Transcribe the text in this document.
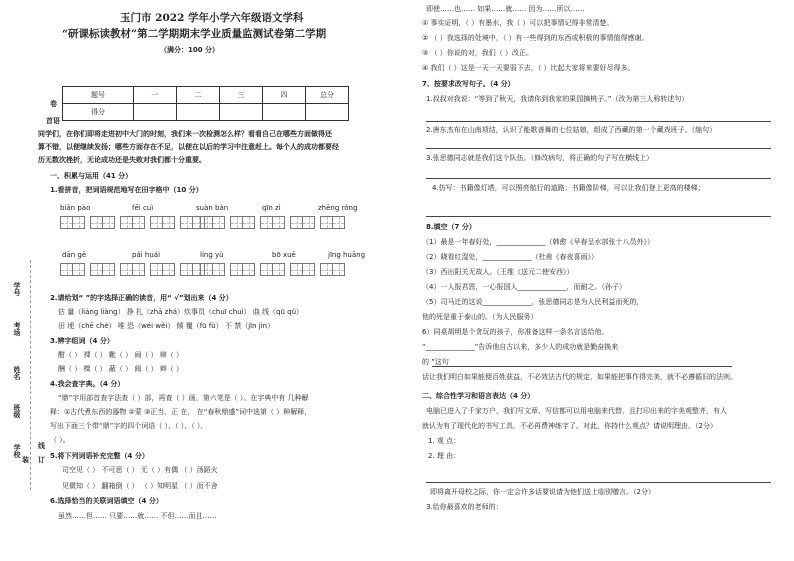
玉门市 2022 学年小学六年级语文学科
“研课标读教材”第二学期期末学业质量监测试卷第二学期
（满分：100 分）
题号	一	二	三	四	总分
得分					
卷
首语
学号
考场
姓名
班级
学校
装 订
线
同学们，在你们即将走进初中大门的时刻，我们来一次检测怎么样？看看自己在哪些方面做得还
算不错，以便继续发扬；哪些方面存在不足，以便在以后的学习中注意赶上。每个人的成功都要经
历无数次挫折，无论成功还是失败对我们都十分重要。
一、积累与运用（41 分）
1.看拼音，把词语规范地写在田字格中（10 分）
biān pào	fēi cuì	suàn bàn	qīn zì	zhēng róng
dān gē	pái huái	líng yù	bō xuē	jīng huāng
2.请给划“ ”的字选择正确的读音，用“ √”划出来（4 分）
估 量（liáng liàng） 挣 扎（zhā zhá）炊事员（chuī chuì） 曲 线（qū qǔ）
田 埂（chē chè） 唯 恐（wéi wěi） 倾 覆（fū fù） 不 禁（jīn jìn）
3.辨字组词（4 分）
酣（ ） 裸（ ） 靴（ ） 闹（ ） 辩（ ）
酬（ ） 棵（ ） 蔽（ ） 阀（ ） 辫（ ）
4.我会查字典。（4 分）
“鼎”字用部首查字法查（ ）部，再查（ ）画，第六笔是（ ）。在字典中有 几种解
释：①古代煮东西的器物 ②蒙 ③正当、正 在， 在“春秋鼎盛”词中选第（ ）种解释，
写出下面三个带“鼎”字的四个词语（ ）、（ ）、（ ）、
（ ）。
5.将下列词语补充完整（4 分）
司空见（ ） 不可思（ ） 无（ ）有偶 （ ）汤蹈火
见微知（ ） 翻箱倒（ ） （ ）知明星 （ ）而不舍
6.选择恰当的关联词语填空（4 分）
虽然……但…… 只要……就…… 不但……而且……
即使……也…… 如果……就…… 因为……所以……
① 事实证明，（ ）有墨水，我（ ）可以把事情记得非常清楚。
② （ ）我选择的处境中，（ ）有一些得到的东西或积极的事情值得感谢。
③ （ ）你说的对，我们（ ）改正。
④ 我们（ ）这是一天一天要弱下去，（ ）比起大家将来要好尽得多。
7、按要求改写句子。（4 分）
1.叔叔对我说：“等到了秋天，我请你到我家的果园摘桃子。”（改为第三人称转述句）
2.唐东杰布在山南项结，认识了能歌善舞的七位姑娘，组成了西藏的第一个藏戏班子。（缩句）
3.张思德同志就是我们这个队伍。（修改病句，将正确的句子写在横线上）
4.仿写：书籍像灯塔，可以照亮航行的道路；书籍像阶梯，可以让我们登上更高的楼梯；
8.填空（7 分）
（1）最是一年春好处，______________（韩愈《早春呈水部张十八员外》）
（2）晓看红湿处，______________（杜甫《春夜喜雨》）
（3）西出阳关无故人。（王维《送元二使安西》）
（4）一人报君恩，一心报国人______________，而耐之。（孙子）
（5）司马迁的这说______________，张思德同志是为人民利益而死的，
他的死是重于泰山的。（为人民服务）
6）同桌胡明是个贪玩的孩子，你准备这样一条名言送给他。
“______________”告诉他自古以来，多少人的成功就是勤奋换来
的 ”这句
话让我们明白如果能便百姓获益，不必效法古代的规定，如果能把事作得完美，就不必遵循旧的法则。
二、综合性学习和语言表达（4 分）
电脑已进入了千家万户，我们写文章、写信都可以用电脑来代替，且打印出来的字美观整齐，有人
就认为有了现代化的书写工具，不必再费神练字了。对此，你持什么观点？请说明理由。（2分）
1. 观 点：
2. 理 由：
即将离开母校之际，你一定会许多话要说请为他们送上临别赠言。（2分）
3.给你最喜欢的老师的：
